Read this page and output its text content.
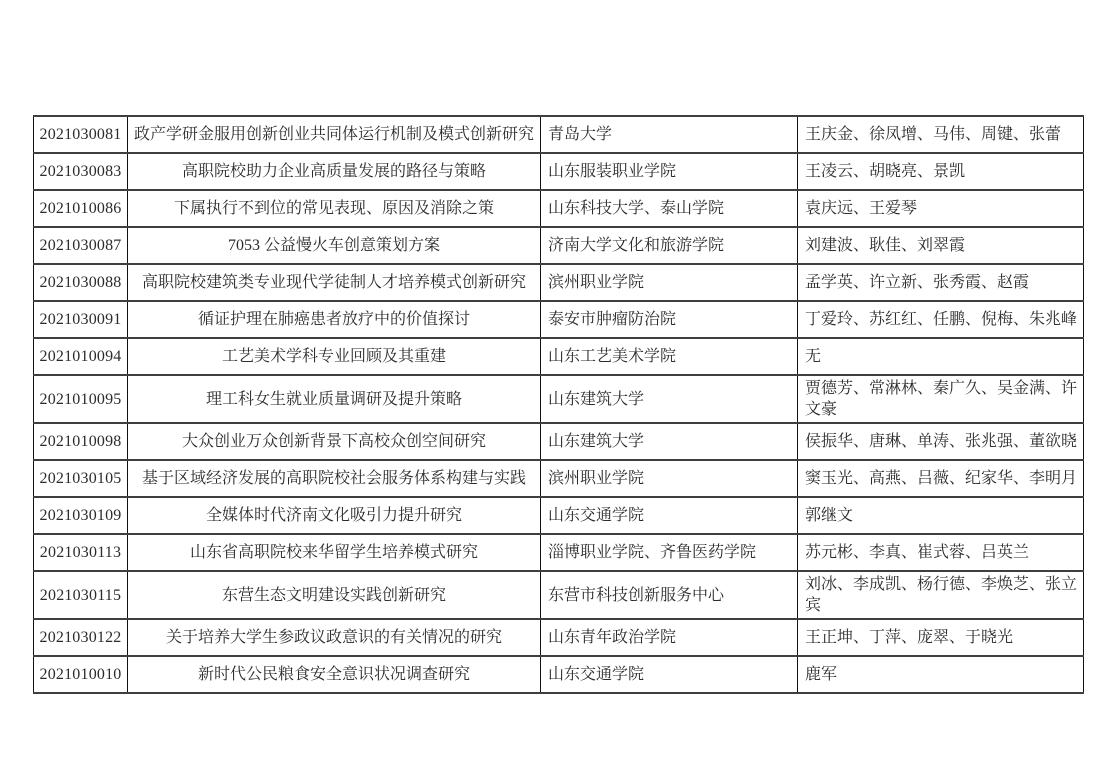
2021030081	政产学研金服用创新创业共同体运行机制及模式创新研究	青岛大学	王庆金、徐凤增、马伟、周键、张蕾
2021030083	高职院校助力企业高质量发展的路径与策略	山东服装职业学院	王凌云、胡晓亮、景凯
2021010086	下属执行不到位的常见表现、原因及消除之策	山东科技大学、泰山学院	袁庆远、王爱琴
2021030087	7053 公益慢火车创意策划方案	济南大学文化和旅游学院	刘建波、耿佳、刘翠霞
2021030088	高职院校建筑类专业现代学徒制人才培养模式创新研究	滨州职业学院	孟学英、许立新、张秀霞、赵霞
2021030091	循证护理在肺癌患者放疗中的价值探讨	泰安市肿瘤防治院	丁爱玲、苏红红、任鹏、倪梅、朱兆峰
2021010094	工艺美术学科专业回顾及其重建	山东工艺美术学院	无
2021010095	理工科女生就业质量调研及提升策略	山东建筑大学	贾德芳、常淋林、秦广久、吴金满、许文豪
2021010098	大众创业万众创新背景下高校众创空间研究	山东建筑大学	侯振华、唐琳、单涛、张兆强、董欲晓
2021030105	基于区域经济发展的高职院校社会服务体系构建与实践	滨州职业学院	窦玉光、高燕、吕薇、纪家华、李明月
2021030109	全媒体时代济南文化吸引力提升研究	山东交通学院	郭继文
2021030113	山东省高职院校来华留学生培养模式研究	淄博职业学院、齐鲁医药学院	苏元彬、李真、崔式蓉、吕英兰
2021030115	东营生态文明建设实践创新研究	东营市科技创新服务中心	刘冰、李成凯、杨行德、李焕芝、张立宾
2021030122	关于培养大学生参政议政意识的有关情况的研究	山东青年政治学院	王正坤、丁萍、庞翠、于晓光
2021010010	新时代公民粮食安全意识状况调查研究	山东交通学院	鹿军
